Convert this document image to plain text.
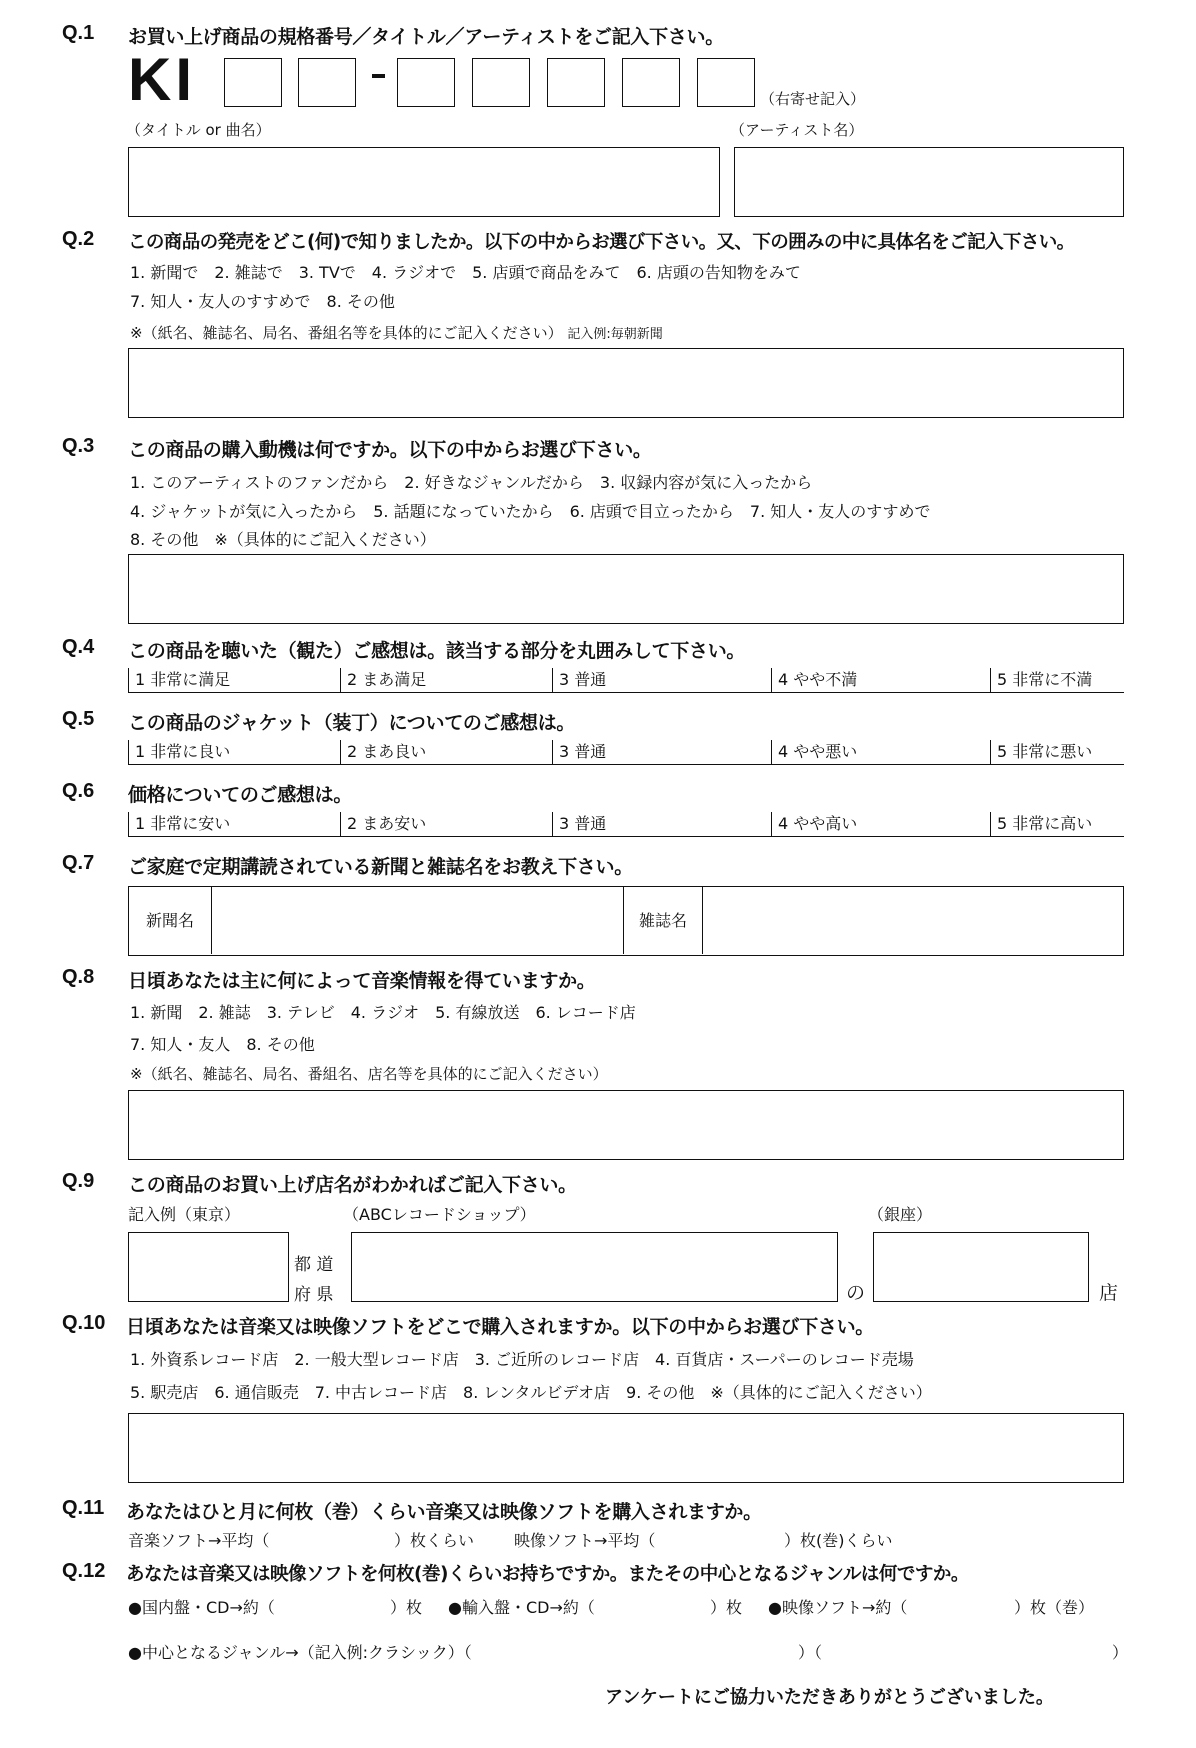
Q.1 お買い上げ商品の規格番号／タイトル／アーティストをご記入下さい。
KI	（右寄せ記入）
（タイトル or 曲名）	（アーティスト名）
Q.2 この商品の発売をどこ(何)で知りましたか。以下の中からお選び下さい。又、下の囲みの中に具体名をご記入下さい。
1. 新聞で　2. 雑誌で　3. TVで　4. ラジオで　5. 店頭で商品をみて　6. 店頭の告知物をみて
7. 知人・友人のすすめで　8. その他
※（紙名、雑誌名、局名、番組名等を具体的にご記入ください） 記入例:毎朝新聞
Q.3 この商品の購入動機は何ですか。以下の中からお選び下さい。
1. このアーティストのファンだから　2. 好きなジャンルだから　3. 収録内容が気に入ったから
4. ジャケットが気に入ったから　5. 話題になっていたから　6. 店頭で目立ったから　7. 知人・友人のすすめで
8. その他　※（具体的にご記入ください）
Q.4 この商品を聴いた（観た）ご感想は。該当する部分を丸囲みして下さい。
1 非常に満足	2 まあ満足	3 普通	4 やや不満	5 非常に不満
Q.5 この商品のジャケット（装丁）についてのご感想は。
1 非常に良い	2 まあ良い	3 普通	4 やや悪い	5 非常に悪い
Q.6 価格についてのご感想は。
1 非常に安い	2 まあ安い	3 普通	4 やや高い	5 非常に高い
Q.7 ご家庭で定期講読されている新聞と雑誌名をお教え下さい。
新聞名	雑誌名
Q.8 日頃あなたは主に何によって音楽情報を得ていますか。
1. 新聞　2. 雑誌　3. テレビ　4. ラジオ　5. 有線放送　6. レコード店
7. 知人・友人　8. その他
※（紙名、雑誌名、局名、番組名、店名等を具体的にご記入ください）
Q.9 この商品のお買い上げ店名がわかればご記入下さい。
記入例（東京）	（ABCレコードショップ）	（銀座）
都 道
府 県	の	店
Q.10 日頃あなたは音楽又は映像ソフトをどこで購入されますか。以下の中からお選び下さい。
1. 外資系レコード店　2. 一般大型レコード店　3. ご近所のレコード店　4. 百貨店・スーパーのレコード売場
5. 駅売店　6. 通信販売　7. 中古レコード店　8. レンタルビデオ店　9. その他　※（具体的にご記入ください）
Q.11 あなたはひと月に何枚（巻）くらい音楽又は映像ソフトを購入されますか。
音楽ソフト→平均（	）枚くらい 映像ソフト→平均（	）枚(巻)くらい
Q.12 あなたは音楽又は映像ソフトを何枚(巻)くらいお持ちですか。またその中心となるジャンルは何ですか。
●国内盤・CD→約（	）枚 ●輸入盤・CD→約（	）枚 ●映像ソフト→約（	）枚（巻）
●中心となるジャンル→（記入例:クラシック）（	）（	）
アンケートにご協力いただきありがとうございました。
